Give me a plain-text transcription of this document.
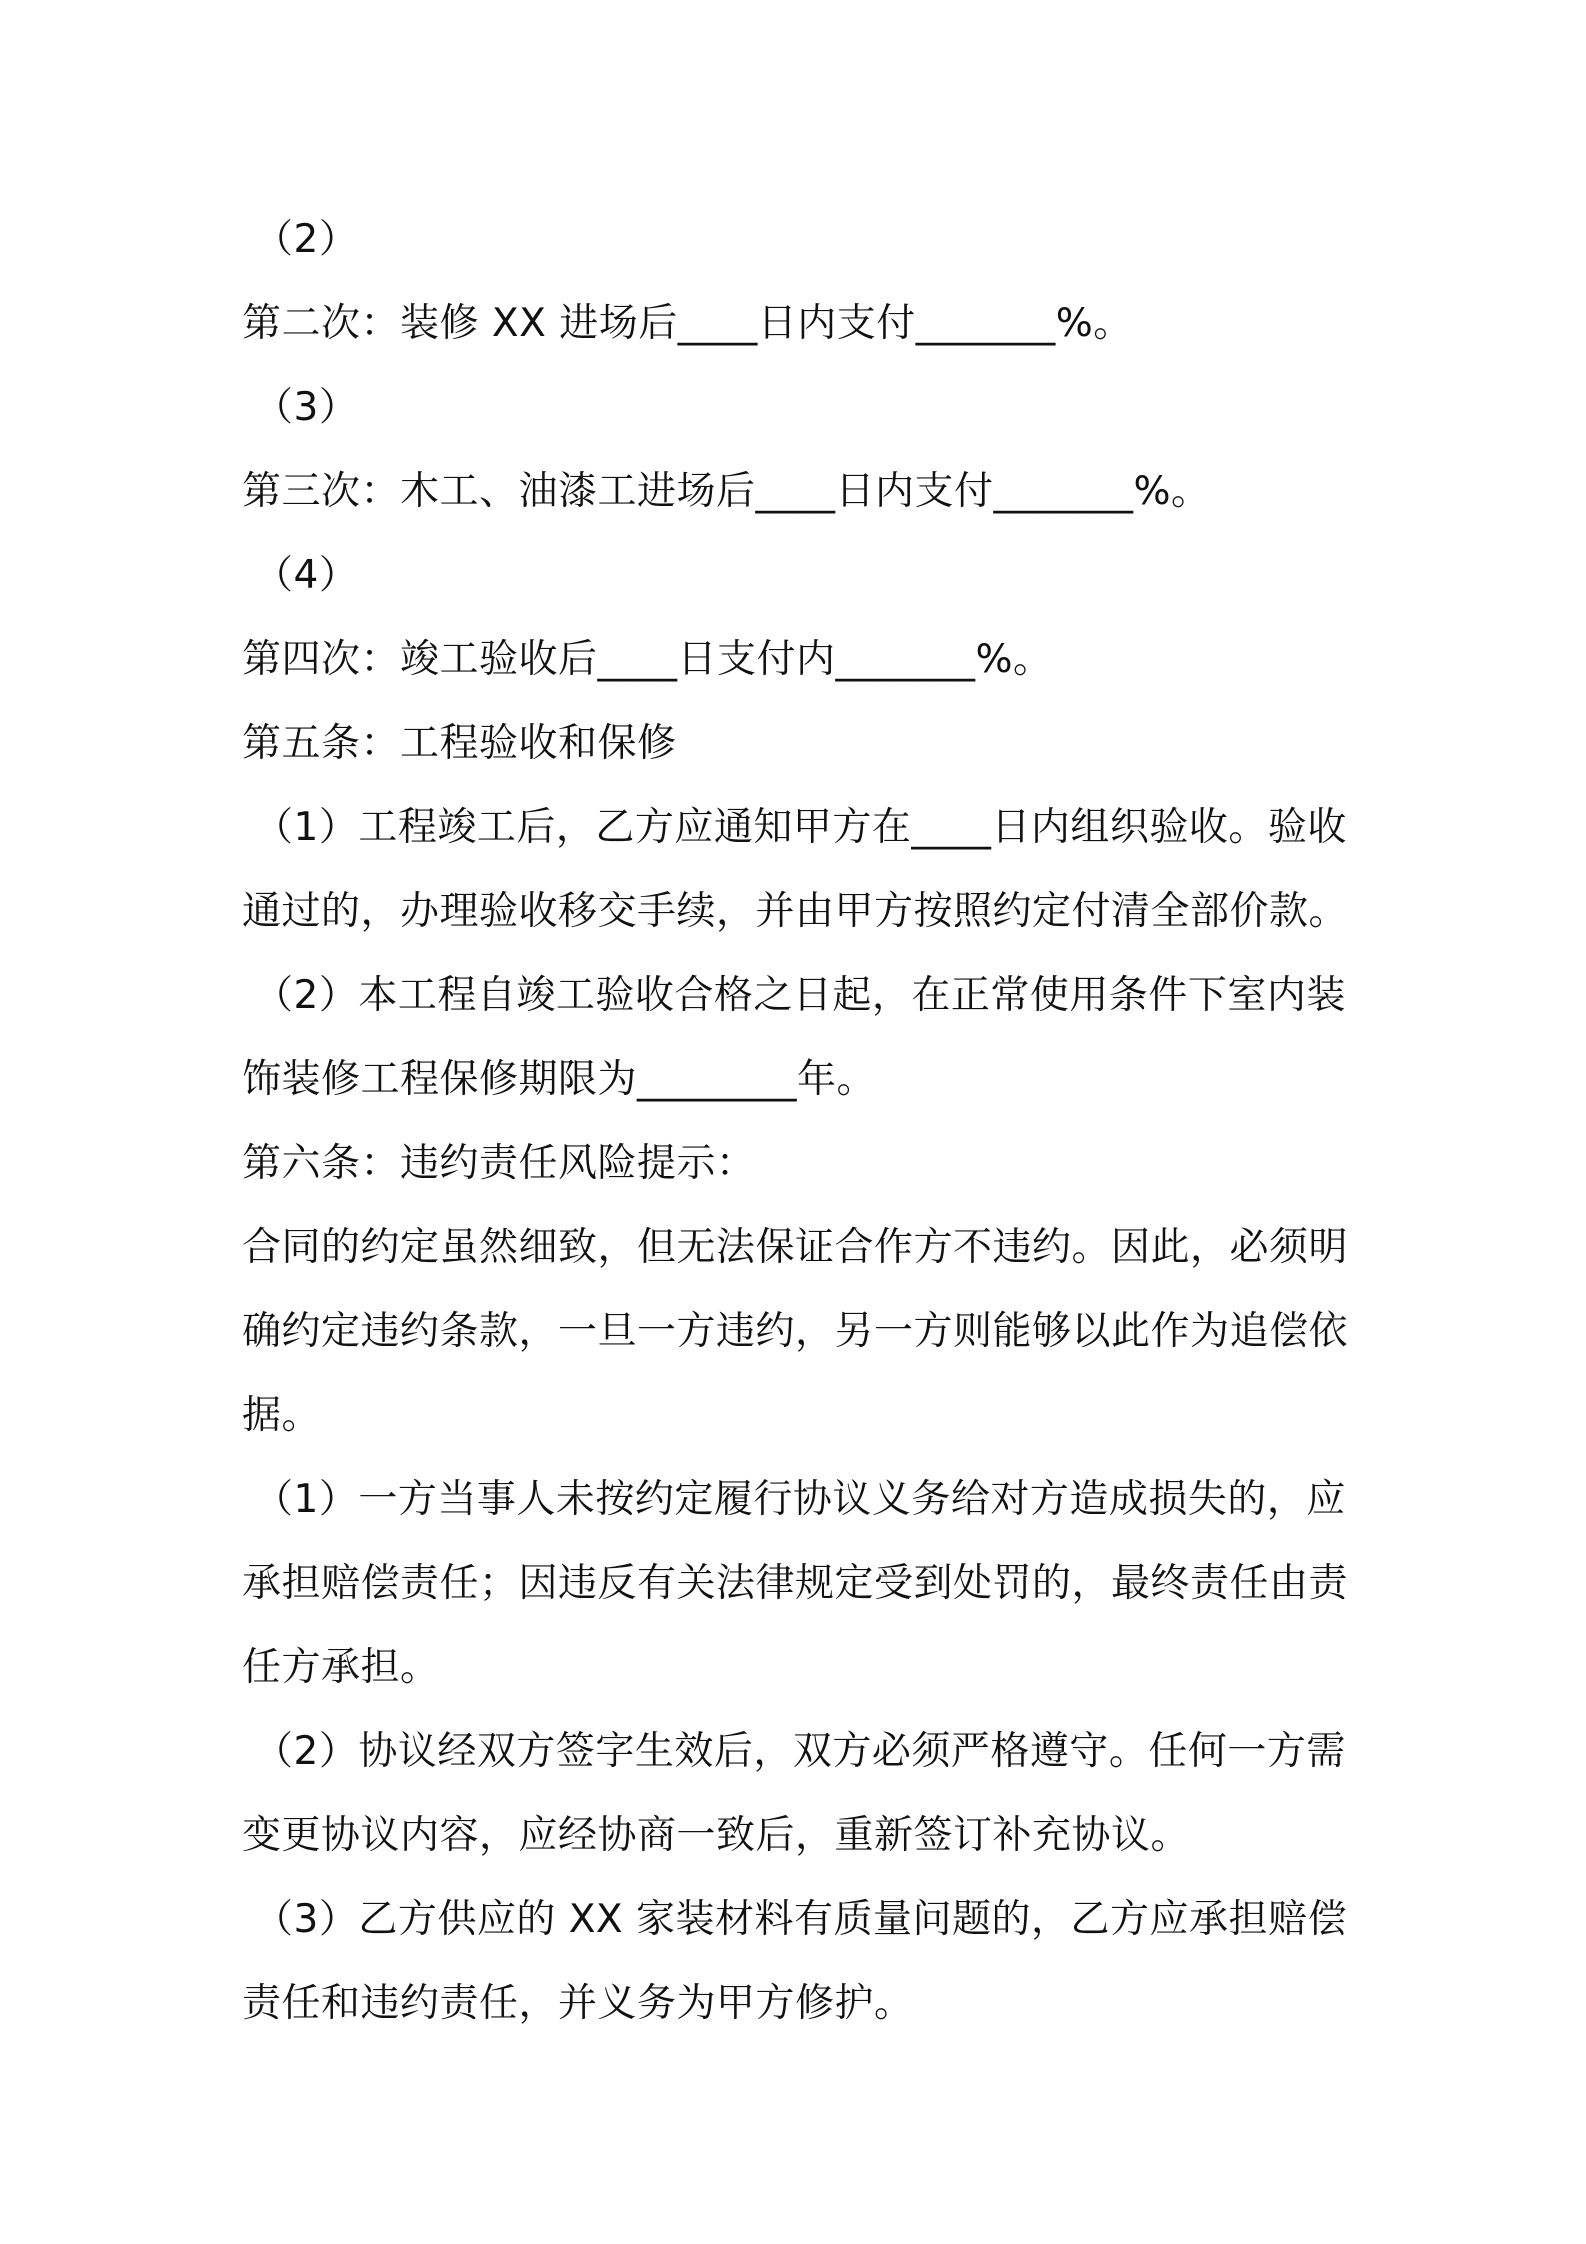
（2）
第二次：装修 XX 进场后____日内支付_______%。
（3）
第三次：木工、油漆工进场后____日内支付_______%。
（4）
第四次：竣工验收后____日支付内_______%。
第五条：工程验收和保修
（1）工程竣工后，乙方应通知甲方在____日内组织验收。验收
通过的，办理验收移交手续，并由甲方按照约定付清全部价款。
（2）本工程自竣工验收合格之日起，在正常使用条件下室内装
饰装修工程保修期限为________年。
第六条：违约责任风险提示：
合同的约定虽然细致，但无法保证合作方不违约。因此，必须明
确约定违约条款，一旦一方违约，另一方则能够以此作为追偿依
据。
（1）一方当事人未按约定履行协议义务给对方造成损失的，应
承担赔偿责任；因违反有关法律规定受到处罚的，最终责任由责
任方承担。
（2）协议经双方签字生效后，双方必须严格遵守。任何一方需
变更协议内容，应经协商一致后，重新签订补充协议。
（3）乙方供应的 XX 家装材料有质量问题的，乙方应承担赔偿
责任和违约责任，并义务为甲方修护。
